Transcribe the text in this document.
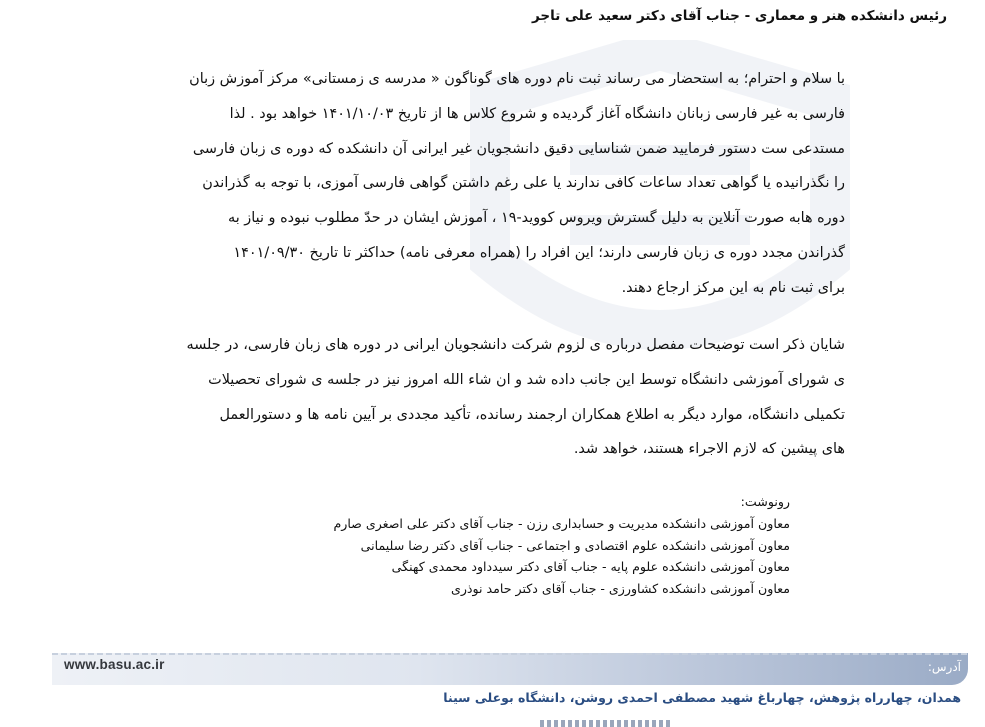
رئیس دانشکده هنر و معماری - جناب آقای دکتر سعید علی تاجر
با سلام و احترام؛ به استحضار می رساند ثبت نام دوره های گوناگون « مدرسه ی زمستانی» مرکز آموزش زبان
فارسی به غیر فارسی زبانان دانشگاه آغاز گردیده و شروع کلاس ها از تاریخ ۱۴۰۱/۱۰/۰۳ خواهد بود . لذا
مستدعی ست دستور فرمایید ضمن شناسایی دقیق دانشجویان غیر ایرانی آن دانشکده که دوره ی زبان فارسی
را نگذرانیده یا گواهی تعداد ساعات کافی ندارند یا علی رغم داشتن گواهی فارسی آموزی، با توجه به گذراندن
دوره هابه صورت آنلاین به دلیل گسترش ویروس کووید-۱۹ ، آموزش ایشان در حدّ مطلوب نبوده و نیاز به
گذراندن مجدد دوره ی زبان فارسی دارند؛ این افراد را (همراه معرفی نامه) حداکثر تا تاریخ ۱۴۰۱/۰۹/۳۰
برای ثبت نام به این مرکز ارجاع دهند.
شایان ذکر است توضیحات مفصل درباره ی لزوم شرکت دانشجویان ایرانی در دوره های زبان فارسی، در جلسه
ی شورای آموزشی دانشگاه توسط این جانب داده شد و ان شاء الله امروز نیز در جلسه ی شورای تحصیلات
تکمیلی دانشگاه، موارد دیگر به اطلاع همکاران ارجمند رسانده، تأکید مجددی بر آیین نامه ها و دستورالعمل
های پیشین که لازم الاجراء هستند، خواهد شد.
رونوشت:
معاون آموزشی دانشکده مدیریت و حسابداری رزن - جناب آقای دکتر علی اصغری صارم
معاون آموزشی دانشکده علوم اقتصادی و اجتماعی - جناب آقای دکتر رضا سلیمانی
معاون آموزشی دانشکده علوم پایه - جناب آقای دکتر سیدداود محمدی کهنگی
معاون آموزشی دانشکده کشاورزی - جناب آقای دکتر حامد نوذری
www.basu.ac.ir	آدرس:
همدان، چهارراه پژوهش، چهارباغ شهید مصطفی احمدی روشن، دانشگاه بوعلی سینا
